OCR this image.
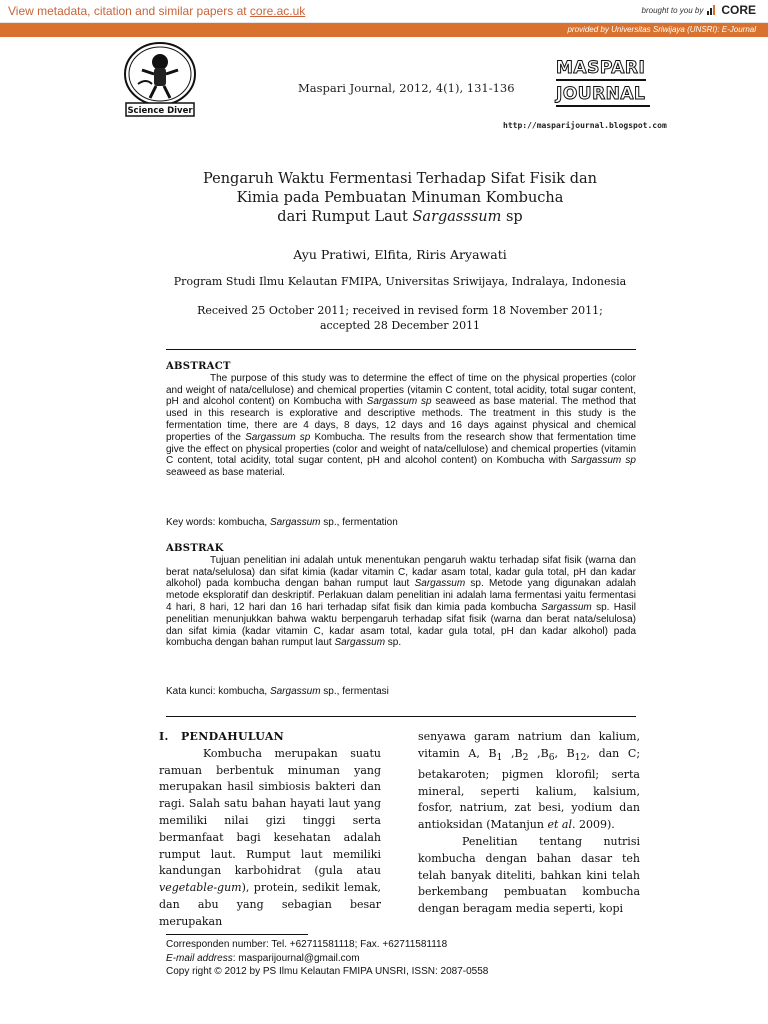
View metadata, citation and similar papers at core.ac.uk	brought to you by CORE
provided by Universitas Sriwijaya (UNSRI): E-Journal
Science Diver
Maspari Journal, 2012, 4(1), 131-136
MASPARI
JOURNAL
http://masparijournal.blogspot.com
Pengaruh Waktu Fermentasi Terhadap Sifat Fisik dan
Kimia pada Pembuatan Minuman Kombucha
dari Rumput Laut Sargasssum sp
Ayu Pratiwi, Elfita, Riris Aryawati
Program Studi Ilmu Kelautan FMIPA, Universitas Sriwijaya, Indralaya, Indonesia
Received 25 October 2011; received in revised form 18 November 2011;
accepted 28 December 2011
ABSTRACT
The purpose of this study was to determine the effect of time on the physical properties (color and weight of nata/cellulose) and chemical properties (vitamin C content, total acidity, total sugar content, pH and alcohol content) on Kombucha with Sargassum sp seaweed as base material. The method that used in this research is explorative and descriptive methods. The treatment in this study is the fermentation time, there are 4 days, 8 days, 12 days and 16 days against physical and chemical properties of the Sargassum sp Kombucha. The results from the research show that fermentation time give the effect on physical properties (color and weight of nata/cellulose) and chemical properties (vitamin C content, total acidity, total sugar content, pH and alcohol content) on Kombucha with Sargassum sp seaweed as base material.
Key words: kombucha, Sargassum sp., fermentation
ABSTRAK
Tujuan penelitian ini adalah untuk menentukan pengaruh waktu terhadap sifat fisik (warna dan berat nata/selulosa) dan sifat kimia (kadar vitamin C, kadar asam total, kadar gula total, pH dan kadar alkohol) pada kombucha dengan bahan rumput laut Sargassum sp. Metode yang digunakan adalah metode eksploratif dan deskriptif. Perlakuan dalam penelitian ini adalah lama fermentasi yaitu fermentasi 4 hari, 8 hari, 12 hari dan 16 hari terhadap sifat fisik dan kimia pada kombucha Sargassum sp. Hasil penelitian menunjukkan bahwa waktu berpengaruh terhadap sifat fisik (warna dan berat nata/selulosa) dan sifat kimia (kadar vitamin C, kadar asam total, kadar gula total, pH dan kadar alkohol) pada kombucha dengan bahan rumput laut Sargassum sp.
Kata kunci: kombucha, Sargassum sp., fermentasi
I.   PENDAHULUAN

Kombucha merupakan suatu ramuan berbentuk minuman yang merupakan hasil simbiosis bakteri dan ragi. Salah satu bahan hayati laut yang memiliki nilai gizi tinggi serta bermanfaat bagi kesehatan adalah rumput laut. Rumput laut memiliki kandungan karbohidrat (gula atau vegetable-gum), protein, sedikit lemak, dan abu yang sebagian besar merupakan

senyawa garam natrium dan kalium, vitamin A, $B_1$ $,B_2$ $,B_6$, $B_{12}$, dan C; betakaroten; pigmen klorofil; serta mineral, seperti kalium, kalsium, fosfor, natrium, zat besi, yodium dan antioksidan (Matanjun et al. 2009).

Penelitian tentang nutrisi kombucha dengan bahan dasar teh telah banyak diteliti, bahkan kini telah berkembang pembuatan kombucha dengan beragam media seperti, kopi

Corresponden number: Tel. +62711581118; Fax. +62711581118
E-mail address: masparijournal@gmail.com
Copy right © 2012 by PS Ilmu Kelautan FMIPA UNSRI, ISSN: 2087-0558
